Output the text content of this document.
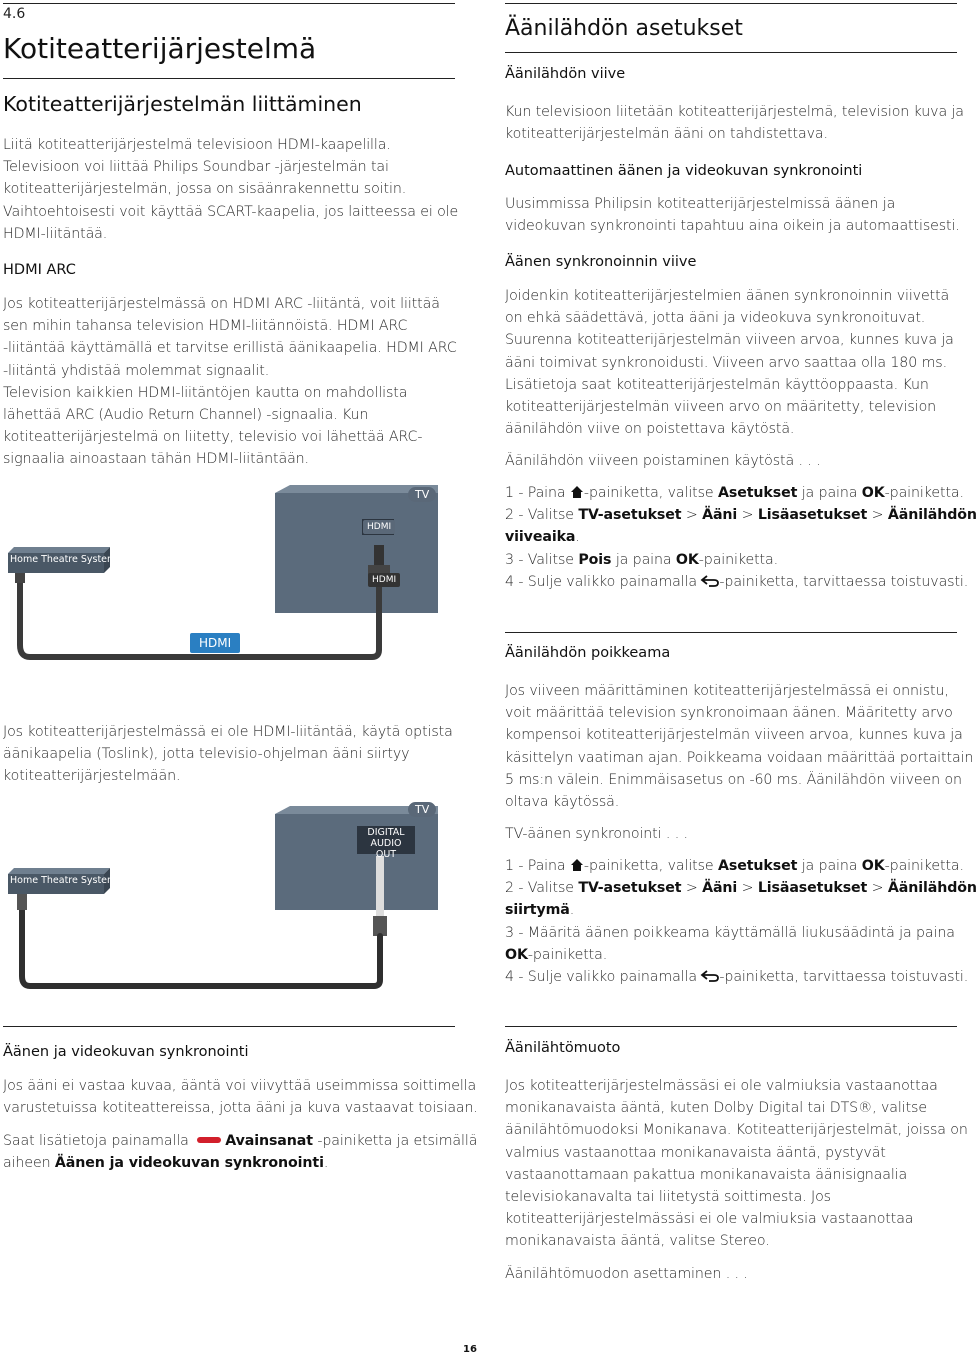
4.6
Kotiteatterijärjestelmä
Kotiteatterijärjestelmän liittäminen
Liitä kotiteatterijärjestelmä televisioon HDMI-kaapelilla.
Televisioon voi liittää Philips Soundbar -järjestelmän tai
kotiteatterijärjestelmän, jossa on sisäänrakennettu soitin.
Vaihtoehtoisesti voit käyttää SCART-kaapelia, jos laitteessa ei ole
HDMI-liitäntää.
HDMI ARC
Jos kotiteatterijärjestelmässä on HDMI ARC -liitäntä, voit liittää
sen mihin tahansa television HDMI-liitännöistä. HDMI ARC
-liitäntää käyttämällä et tarvitse erillistä äänikaapelia. HDMI ARC
-liitäntä yhdistää molemmat signaalit.
Television kaikkien HDMI-liitäntöjen kautta on mahdollista
lähettää ARC (Audio Return Channel) -signaalia. Kun
kotiteatterijärjestelmä on liitetty, televisio voi lähettää ARC-
signaalia ainoastaan tähän HDMI-liitäntään.
TV
HDMI
HDMI
Home Theatre System
HDMI
Jos kotiteatterijärjestelmässä ei ole HDMI-liitäntää, käytä optista
äänikaapelia (Toslink), jotta televisio-ohjelman ääni siirtyy
kotiteatterijärjestelmään.
TV
DIGITAL
AUDIO OUT
Home Theatre System
Äänen ja videokuvan synkronointi
Jos ääni ei vastaa kuvaa, ääntä voi viivyttää useimmissa soittimella
varustetuissa kotiteattereissa, jotta ääni ja kuva vastaavat toisiaan.
Saat lisätietoja painamalla	Avainsanat -painiketta ja etsimällä
aiheen Äänen ja videokuvan synkronointi.
Äänilähdön asetukset
Äänilähdön viive
Kun televisioon liitetään kotiteatterijärjestelmä, television kuva ja
kotiteatterijärjestelmän ääni on tahdistettava.
Automaattinen äänen ja videokuvan synkronointi
Uusimmissa Philipsin kotiteatterijärjestelmissä äänen ja
videokuvan synkronointi tapahtuu aina oikein ja automaattisesti.
Äänen synkronoinnin viive
Joidenkin kotiteatterijärjestelmien äänen synkronoinnin viivettä
on ehkä säädettävä, jotta ääni ja videokuva synkronoituvat.
Suurenna kotiteatterijärjestelmän viiveen arvoa, kunnes kuva ja
ääni toimivat synkronoidusti. Viiveen arvo saattaa olla 180 ms.
Lisätietoja saat kotiteatterijärjestelmän käyttöoppaasta. Kun
kotiteatterijärjestelmän viiveen arvo on määritetty, television
äänilähdön viive on poistettava käytöstä.
Äänilähdön viiveen poistaminen käytöstä . . .
1 - Paina -painiketta, valitse Asetukset ja paina OK-painiketta.
2 - Valitse TV-asetukset > Ääni > Lisäasetukset > Äänilähdön
viiveaika.
3 - Valitse Pois ja paina OK-painiketta.
4 - Sulje valikko painamalla -painiketta, tarvittaessa toistuvasti.
Äänilähdön poikkeama
Jos viiveen määrittäminen kotiteatterijärjestelmässä ei onnistu,
voit määrittää television synkronoimaan äänen. Määritetty arvo
kompensoi kotiteatterijärjestelmän viiveen arvoa, kunnes kuva ja
käsittelyn vaatiman ajan. Poikkeama voidaan määrittää portaittain
5 ms:n välein. Enimmäisasetus on -60 ms. Äänilähdön viiveen on
oltava käytössä.
TV-äänen synkronointi . . .
1 - Paina -painiketta, valitse Asetukset ja paina OK-painiketta.
2 - Valitse TV-asetukset > Ääni > Lisäasetukset > Äänilähdön
siirtymä.
3 - Määritä äänen poikkeama käyttämällä liukusäädintä ja paina
OK-painiketta.
4 - Sulje valikko painamalla -painiketta, tarvittaessa toistuvasti.
Äänilähtömuoto
Jos kotiteatterijärjestelmässäsi ei ole valmiuksia vastaanottaa
monikanavaista ääntä, kuten Dolby Digital tai DTS®, valitse
äänilähtömuodoksi Monikanava. Kotiteatterijärjestelmät, joissa on
valmius vastaanottaa monikanavaista ääntä, pystyvät
vastaanottamaan pakattua monikanavaista äänisignaalia
televisiokanavalta tai liitetystä soittimesta. Jos
kotiteatterijärjestelmässäsi ei ole valmiuksia vastaanottaa
monikanavaista ääntä, valitse Stereo.
Äänilähtömuodon asettaminen . . .
16
